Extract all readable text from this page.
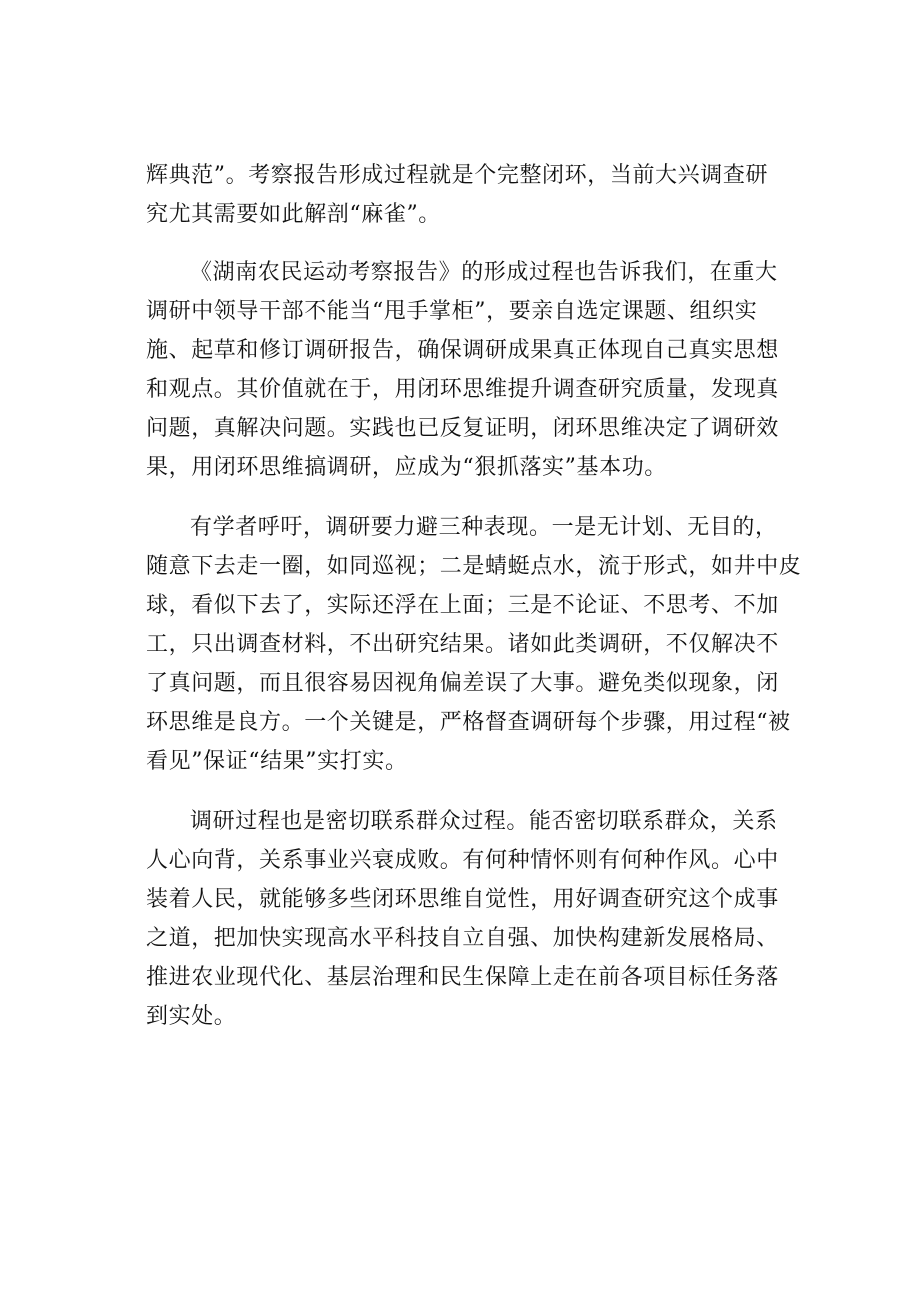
辉典范”。考察报告形成过程就是个完整闭环，当前大兴调查研
究尤其需要如此解剖“麻雀”。
《湖南农民运动考察报告》的形成过程也告诉我们，在重大
调研中领导干部不能当“甩手掌柜”，要亲自选定课题、组织实
施、起草和修订调研报告，确保调研成果真正体现自己真实思想
和观点。其价值就在于，用闭环思维提升调查研究质量，发现真
问题，真解决问题。实践也已反复证明，闭环思维决定了调研效
果，用闭环思维搞调研，应成为“狠抓落实”基本功。
有学者呼吁，调研要力避三种表现。一是无计划、无目的，
随意下去走一圈，如同巡视；二是蜻蜓点水，流于形式，如井中皮
球，看似下去了，实际还浮在上面；三是不论证、不思考、不加
工，只出调查材料，不出研究结果。诸如此类调研，不仅解决不
了真问题，而且很容易因视角偏差误了大事。避免类似现象，闭
环思维是良方。一个关键是，严格督查调研每个步骤，用过程“被
看见”保证“结果”实打实。
调研过程也是密切联系群众过程。能否密切联系群众，关系
人心向背，关系事业兴衰成败。有何种情怀则有何种作风。心中
装着人民，就能够多些闭环思维自觉性，用好调查研究这个成事
之道，把加快实现高水平科技自立自强、加快构建新发展格局、
推进农业现代化、基层治理和民生保障上走在前各项目标任务落
到实处。
